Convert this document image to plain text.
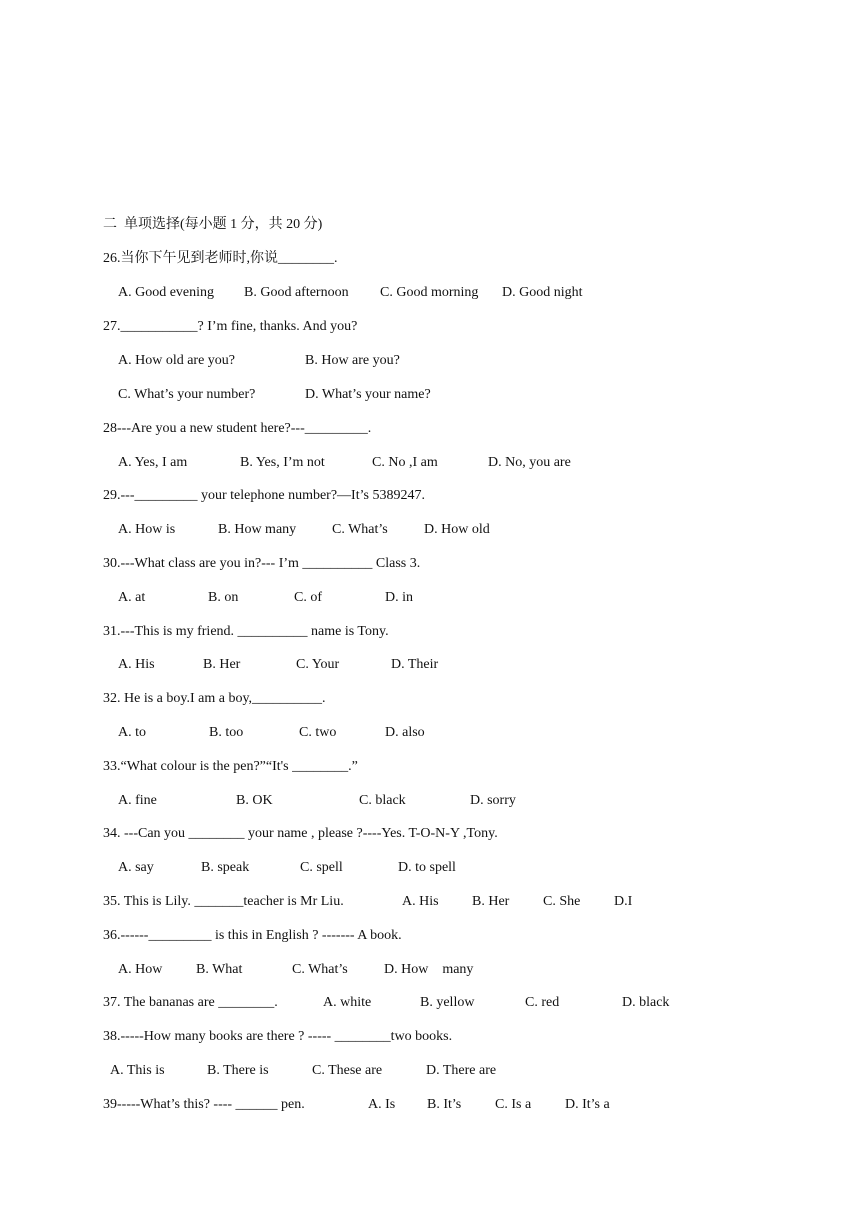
二  单项选择(每小题 1 分，共 20 分)
26.当你下午见到老师时,你说________.
A. Good evening B. Good afternoon C. Good morning D. Good night
27.___________? I’m fine, thanks. And you?
A. How old are you?	B. How are you?
C. What’s your number?	D. What’s your name?
28---Are you a new student here?---_________.
A. Yes, I am	B. Yes, I’m not	C. No ,I am	D. No, you are
29.---_________ your telephone number?—It’s 5389247.
A. How is	B. How many	C. What’s	D. How old
30.---What class are you in?--- I’m __________ Class 3.
A. at	B. on	C. of	D. in
31.---This is my friend. __________ name is Tony.
A. His	B. Her	C. Your	D. Their
32. He is a boy.I am a boy,__________.
A. to	B. too	C. two	D. also
33.“What colour is the pen?”“It's ________.”
A. fine	B. OK	C. black	D. sorry
34. ---Can you ________ your name , please ?----Yes. T-O-N-Y ,Tony.
A. say	B. speak	C. spell	D. to spell
35. This is Lily. _______teacher is Mr Liu.	A. His B. Her C. She D.I
36.------_________ is this in English ? ------- A book.
A. How B. What	C. What’s	D. How    many
37. The bananas are ________.	A. white	B. yellow	C. red	D. black
38.-----How many books are there ? ----- ________two books.
A. This is	B. There is	C. These are	D. There are
39-----What’s this? ---- ______ pen.	A. Is B. It’s C. Is a D. It’s a
